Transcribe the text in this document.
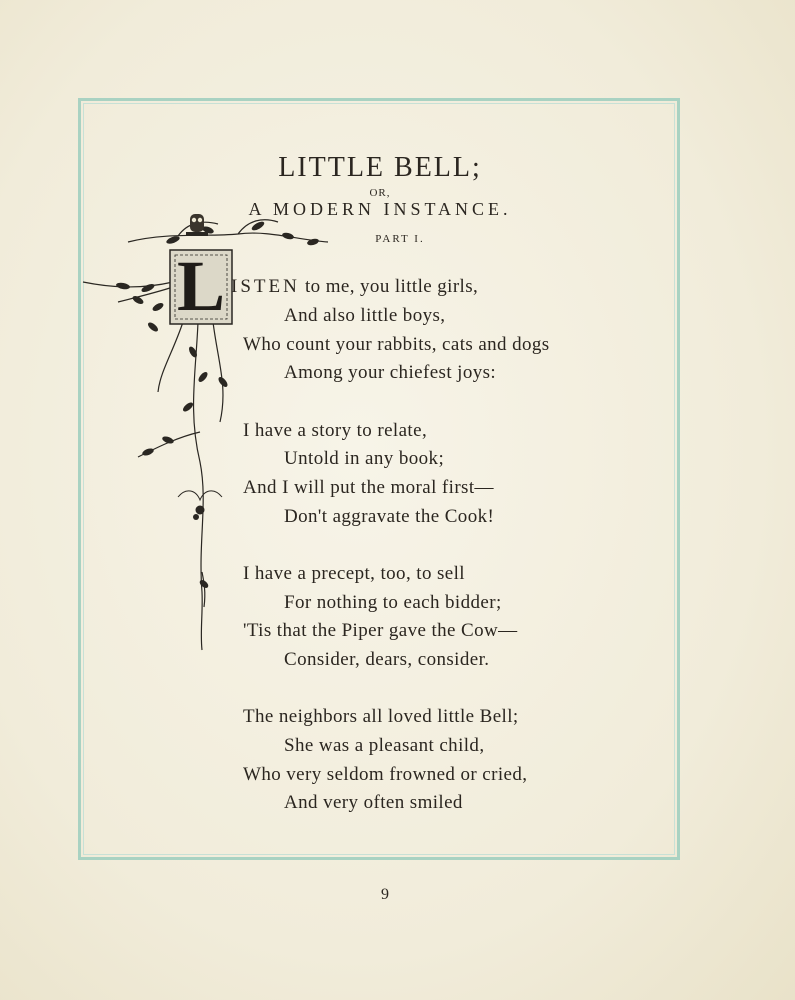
LITTLE BELL;
OR,
A MODERN INSTANCE.
PART I.
L ISTEN to me, you little girls,
And also little boys,
Who count your rabbits, cats and dogs
Among your chiefest joys:
I have a story to relate,
Untold in any book;
And I will put the moral first—
Don't aggravate the Cook!
I have a precept, too, to sell
For nothing to each bidder;
'Tis that the Piper gave the Cow—
Consider, dears, consider.
The neighbors all loved little Bell;
She was a pleasant child,
Who very seldom frowned or cried,
And very often smiled
9
